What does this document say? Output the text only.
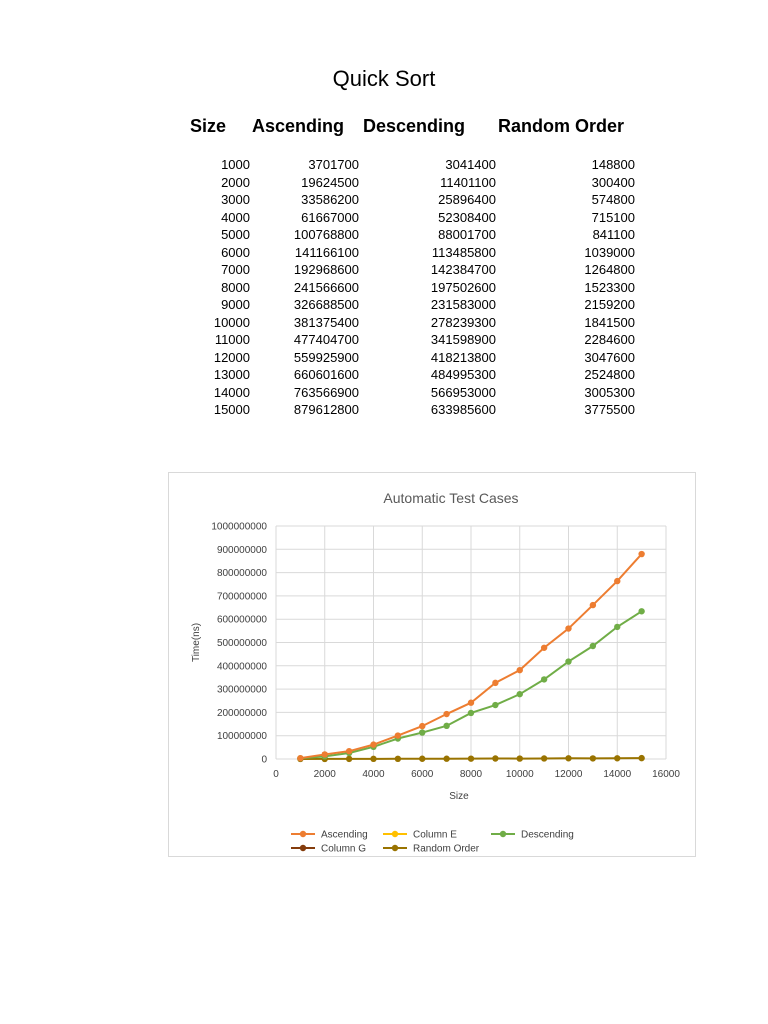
Quick Sort
Size Ascending Descending Random Order
1000	3701700	3041400	148800
2000	19624500	11401100	300400
3000	33586200	25896400	574800
4000	61667000	52308400	715100
5000	100768800	88001700	841100
6000	141166100	113485800	1039000
7000	192968600	142384700	1264800
8000	241566600	197502600	1523300
9000	326688500	231583000	2159200
10000	381375400	278239300	1841500
11000	477404700	341598900	2284600
12000	559925900	418213800	3047600
13000	660601600	484995300	2524800
14000	763566900	566953000	3005300
15000	879612800	633985600	3775500
Automatic Test Cases
0
100000000
200000000
300000000
400000000
500000000
600000000
700000000
800000000
900000000
1000000000
0	2000	4000	6000	8000 10000 12000 14000 16000
Size
Time(ns)
Ascending	Column E	Descending
Column G	Random Order
